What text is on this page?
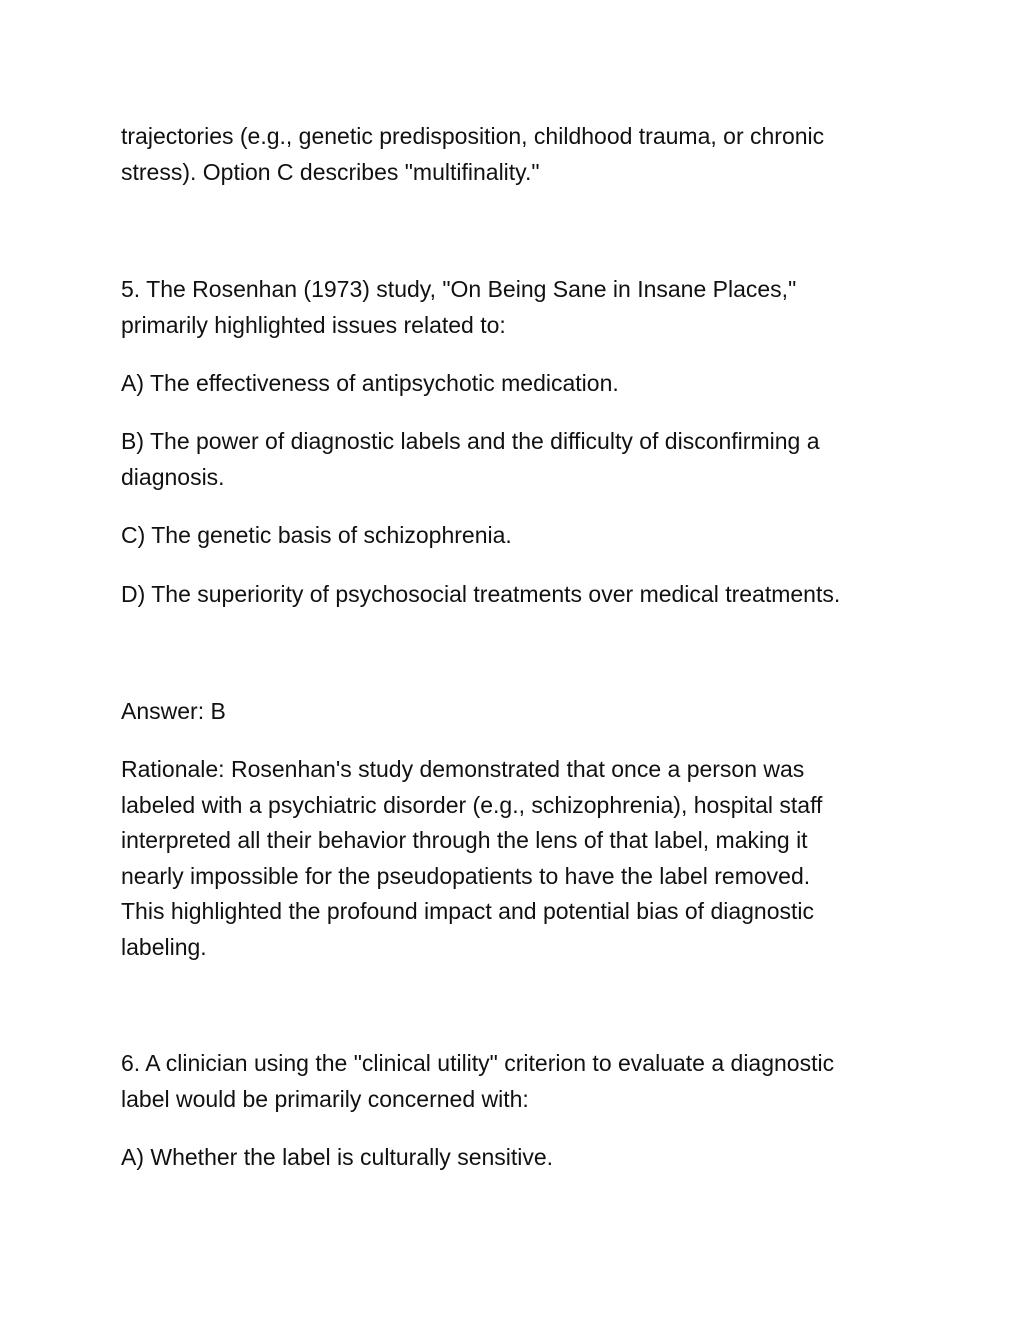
trajectories (e.g., genetic predisposition, childhood trauma, or chronic
stress). Option C describes "multifinality."

5. The Rosenhan (1973) study, "On Being Sane in Insane Places,"
primarily highlighted issues related to:

A) The effectiveness of antipsychotic medication.

B) The power of diagnostic labels and the difficulty of disconfirming a
diagnosis.

C) The genetic basis of schizophrenia.

D) The superiority of psychosocial treatments over medical treatments.

Answer: B

Rationale: Rosenhan's study demonstrated that once a person was
labeled with a psychiatric disorder (e.g., schizophrenia), hospital staff
interpreted all their behavior through the lens of that label, making it
nearly impossible for the pseudopatients to have the label removed.
This highlighted the profound impact and potential bias of diagnostic
labeling.

6. A clinician using the "clinical utility" criterion to evaluate a diagnostic
label would be primarily concerned with:

A) Whether the label is culturally sensitive.
